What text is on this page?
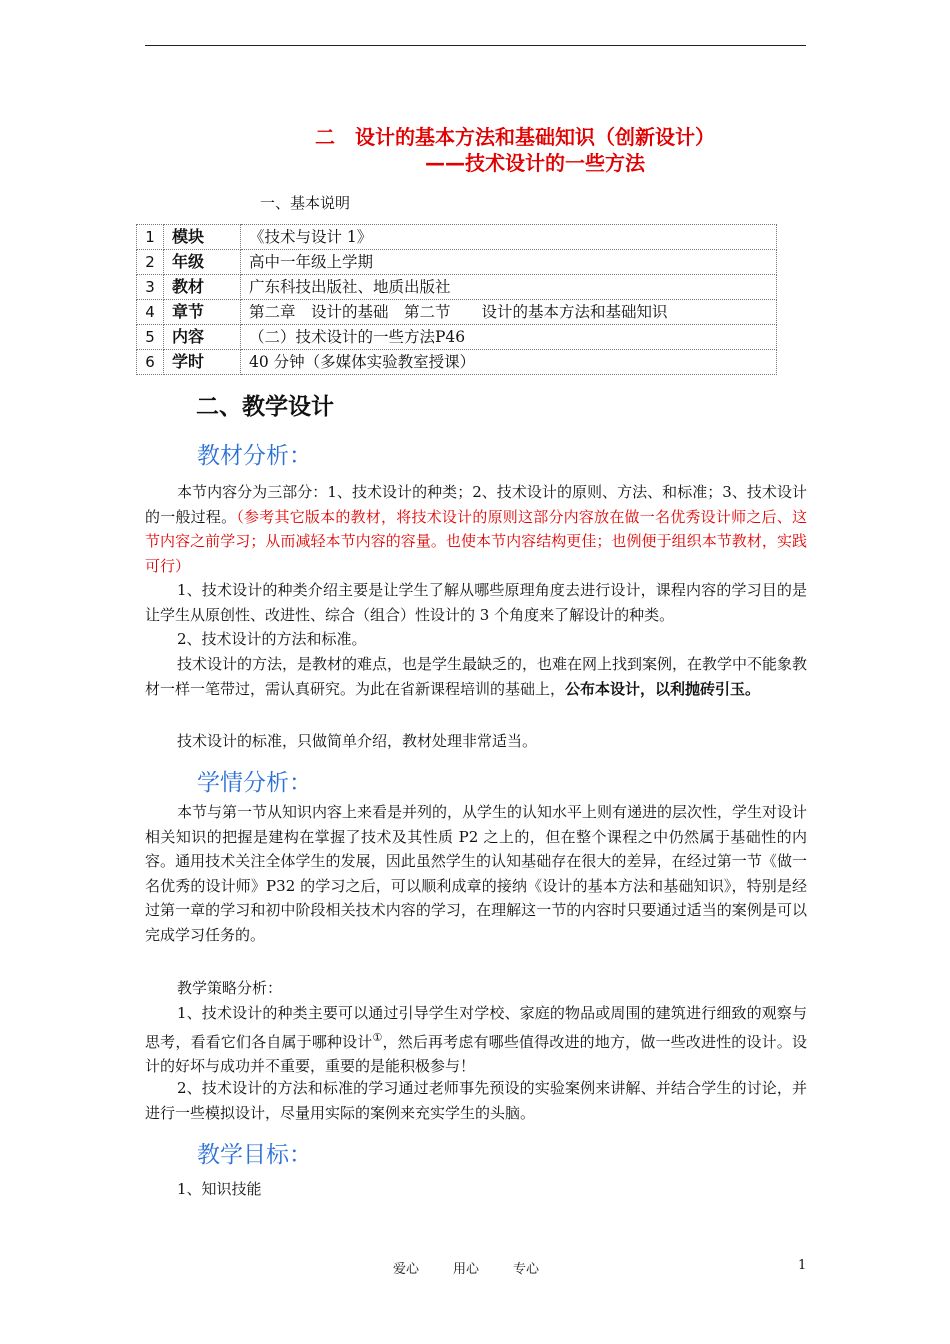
二　设计的基本方法和基础知识（创新设计）
——技术设计的一些方法
一、基本说明
1	模块	《技术与设计 1》
2	年级	高中一年级上学期
3	教材	广东科技出版社、地质出版社
4	章节	第二章　设计的基础　第二节　　设计的基本方法和基础知识
5	内容	（二）技术设计的一些方法P46
6	学时	40 分钟（多媒体实验教室授课）
二、教学设计
教材分析：
本节内容分为三部分：1、技术设计的种类；2、技术设计的原则、方法、和标准；3、技术设计的一般过程。（参考其它版本的教材，将技术设计的原则这部分内容放在做一名优秀设计师之后、这节内容之前学习；从而减轻本节内容的容量。也使本节内容结构更佳；也例便于组织本节教材，实践可行）
1、技术设计的种类介绍主要是让学生了解从哪些原理角度去进行设计，课程内容的学习目的是让学生从原创性、改进性、综合（组合）性设计的 3 个角度来了解设计的种类。
2、技术设计的方法和标准。
技术设计的方法，是教材的难点，也是学生最缺乏的，也难在网上找到案例，在教学中不能象教材一样一笔带过，需认真研究。为此在省新课程培训的基础上，公布本设计，以利抛砖引玉。
技术设计的标准，只做简单介绍，教材处理非常适当。
学情分析：
本节与第一节从知识内容上来看是并列的，从学生的认知水平上则有递进的层次性，学生对设计相关知识的把握是建构在掌握了技术及其性质 P2 之上的，但在整个课程之中仍然属于基础性的内容。通用技术关注全体学生的发展，因此虽然学生的认知基础存在很大的差异，在经过第一节《做一名优秀的设计师》P32 的学习之后，可以顺利成章的接纳《设计的基本方法和基础知识》，特别是经过第一章的学习和初中阶段相关技术内容的学习，在理解这一节的内容时只要通过适当的案例是可以完成学习任务的。
教学策略分析：
1、技术设计的种类主要可以通过引导学生对学校、家庭的物品或周围的建筑进行细致的观察与思考，看看它们各自属于哪种设计①，然后再考虑有哪些值得改进的地方，做一些改进性的设计。设计的好坏与成功并不重要，重要的是能积极参与！
2、技术设计的方法和标准的学习通过老师事先预设的实验案例来讲解、并结合学生的讨论，并进行一些模拟设计，尽量用实际的案例来充实学生的头脑。
教学目标：
1、知识技能
爱心	用心	专心	1
